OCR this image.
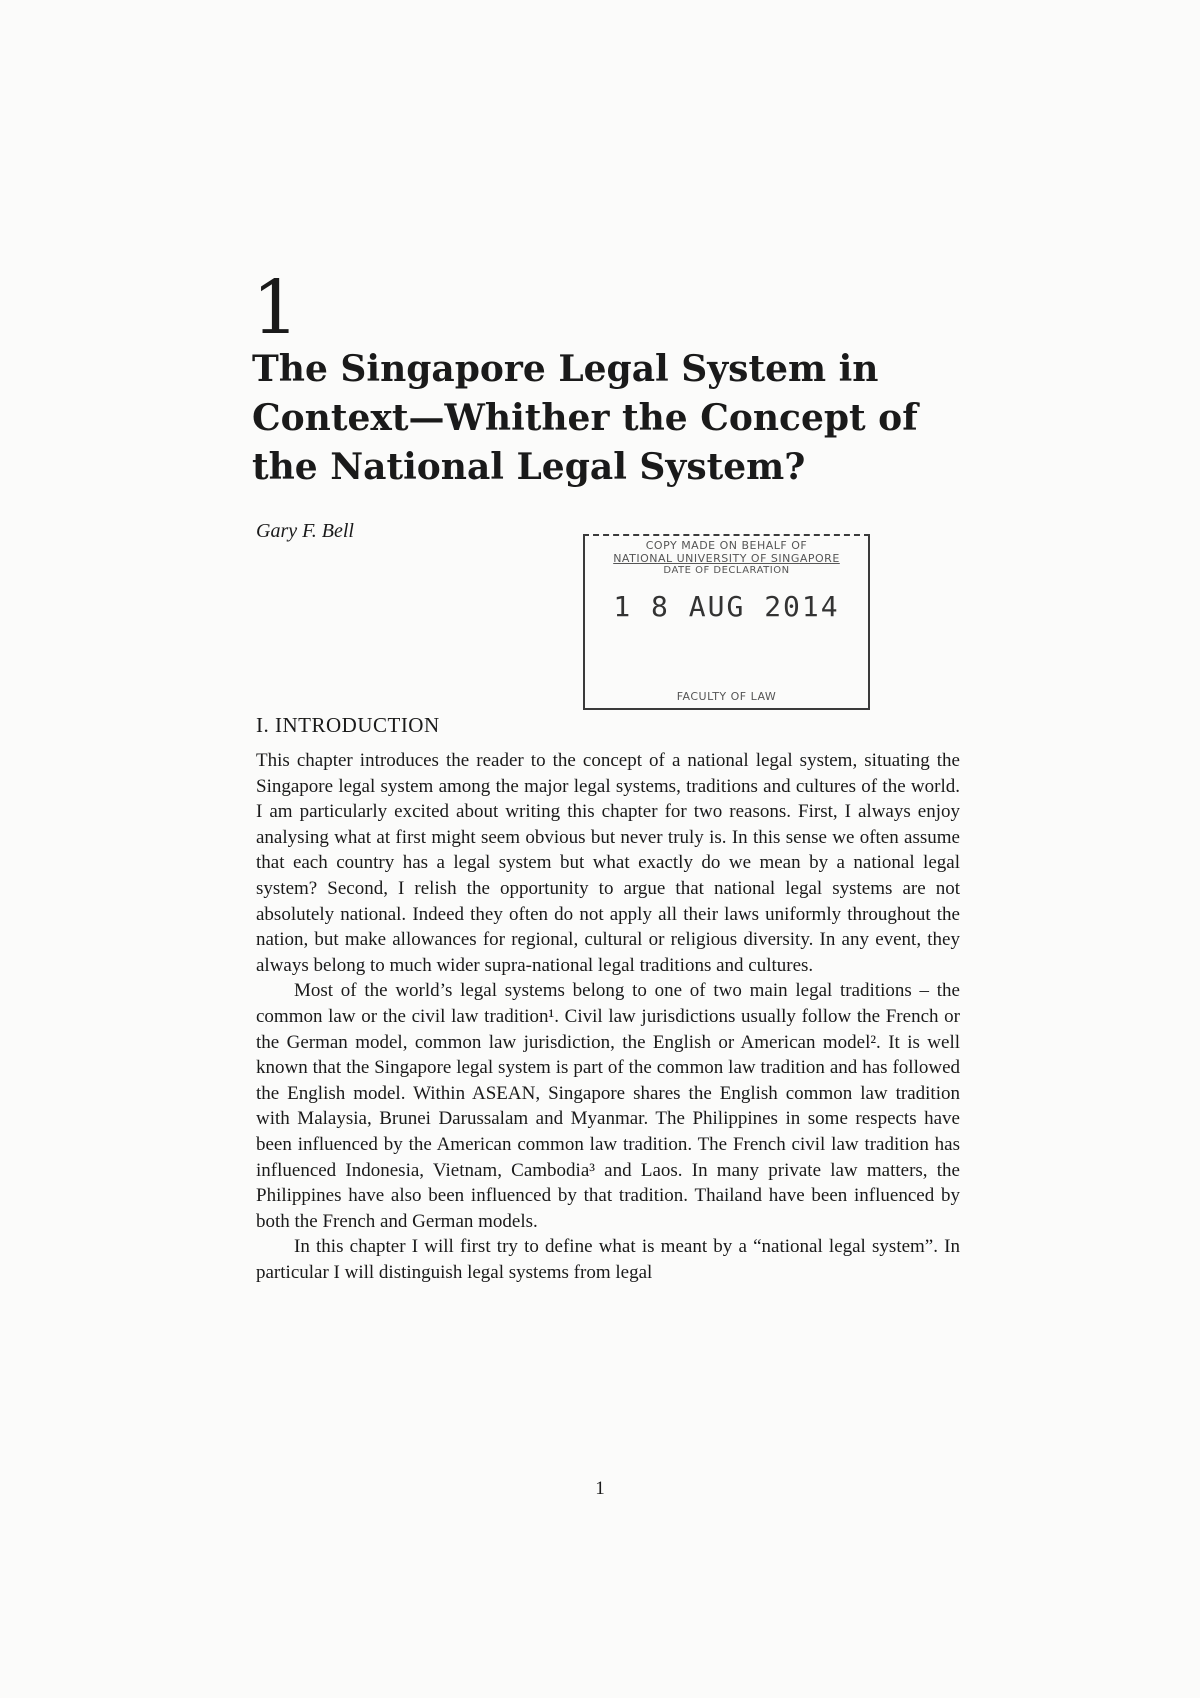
1
The Singapore Legal System in Context—Whither the Concept of the National Legal System?
Gary F. Bell
COPY MADE ON BEHALF OF
NATIONAL UNIVERSITY OF SINGAPORE
DATE OF DECLARATION
1 8 AUG 2014
FACULTY OF LAW
I. INTRODUCTION

This chapter introduces the reader to the concept of a national legal system, situating the Singapore legal system among the major legal systems, traditions and cultures of the world. I am particularly excited about writing this chapter for two reasons. First, I always enjoy analysing what at first might seem obvious but never truly is. In this sense we often assume that each country has a legal system but what exactly do we mean by a national legal system? Second, I relish the opportunity to argue that national legal systems are not absolutely national. Indeed they often do not apply all their laws uniformly throughout the nation, but make allowances for regional, cultural or religious diversity. In any event, they always belong to much wider supra-national legal traditions and cultures.

Most of the world’s legal systems belong to one of two main legal traditions – the common law or the civil law tradition¹. Civil law jurisdictions usually follow the French or the German model, common law jurisdiction, the English or American model². It is well known that the Singapore legal system is part of the common law tradition and has followed the English model. Within ASEAN, Singapore shares the English common law tradition with Malaysia, Brunei Darussalam and Myanmar. The Philippines in some respects have been influenced by the American common law tradition. The French civil law tradition has influenced Indonesia, Vietnam, Cambodia³ and Laos. In many private law matters, the Philippines have also been influenced by that tradition. Thailand have been influenced by both the French and German models.

In this chapter I will first try to define what is meant by a “national legal system”. In particular I will distinguish legal systems from legal

1
